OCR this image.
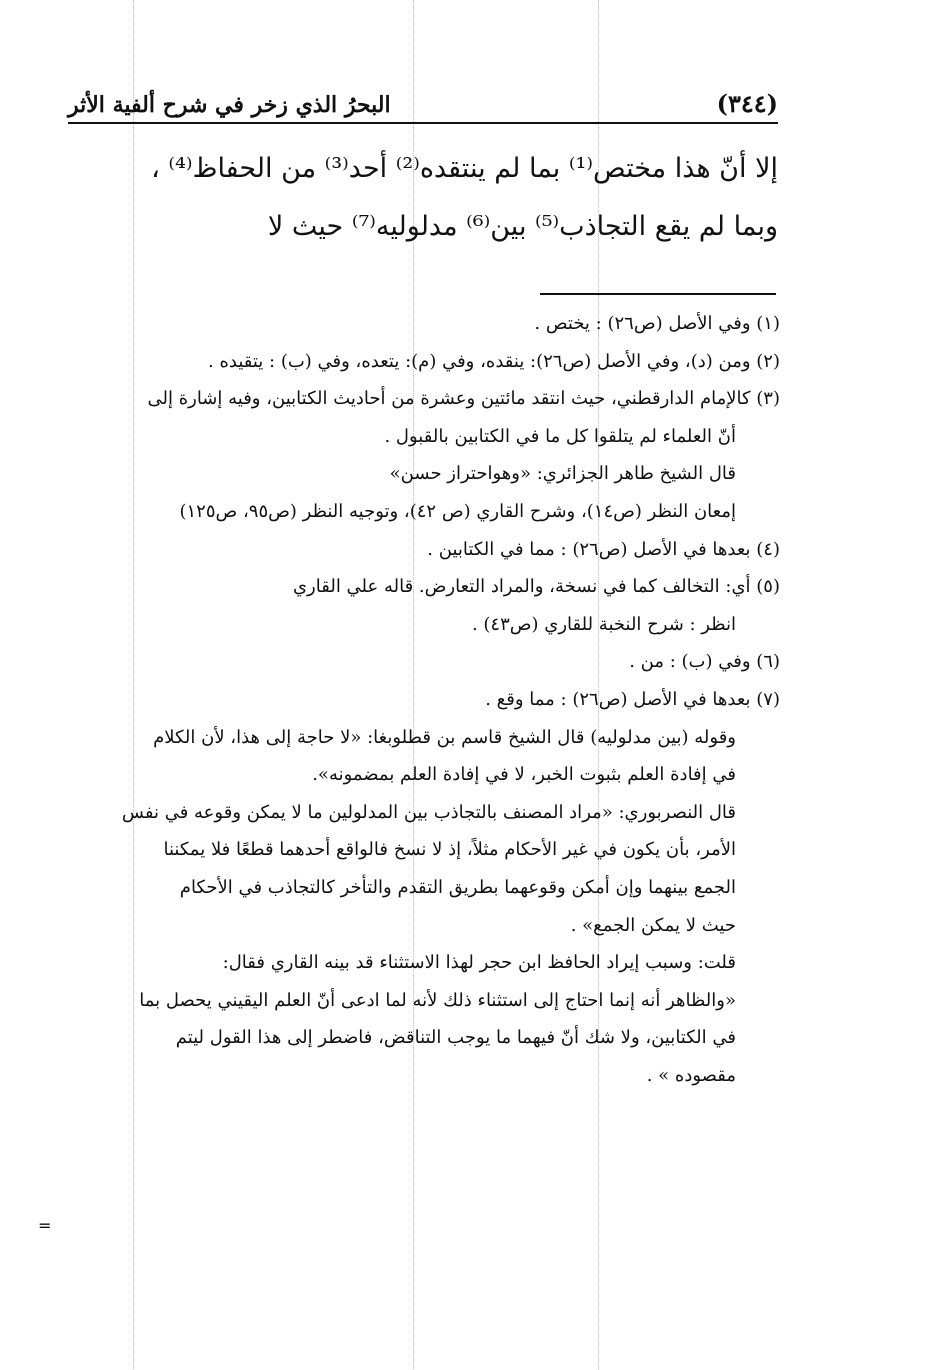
(٣٤٤)
البحرُ الذي زخر في شرح ألفية الأثر
إلا أنّ هذا مختص⁽¹⁾ بما لم ينتقده⁽²⁾ أحد⁽³⁾ من الحفاظ⁽⁴⁾ ،
وبما لم يقع التجاذب⁽⁵⁾ بين⁽⁶⁾ مدلوليه⁽⁷⁾ حيث لا
(١) وفي الأصل (ص٢٦) : يختص .
(٢) ومن (د)، وفي الأصل (ص٢٦): ينقده، وفي (م): يتعده، وفي (ب) : يتقيده .
(٣) كالإمام الدارقطني، حيث انتقد مائتين وعشرة من أحاديث الكتابين، وفيه إشارة إلى
أنّ العلماء لم يتلقوا كل ما في الكتابين بالقبول .
قال الشيخ طاهر الجزائري: «وهواحتراز حسن»
إمعان النظر (ص١٤)، وشرح القاري (ص ٤٢)، وتوجيه النظر (ص٩٥، ص١٢٥)
(٤) بعدها في الأصل (ص٢٦) : مما في الكتابين .
(٥) أي: التخالف كما في نسخة، والمراد التعارض. قاله علي القاري
انظر : شرح النخبة للقاري (ص٤٣) .
(٦) وفي (ب) : من .
(٧) بعدها في الأصل (ص٢٦) : مما وقع .
وقوله (بين مدلوليه) قال الشيخ قاسم بن قطلوبغا: «لا حاجة إلى هذا، لأن الكلام
في إفادة العلم بثبوت الخبر، لا في إفادة العلم بمضمونه».
قال النصربوري: «مراد المصنف بالتجاذب بين المدلولين ما لا يمكن وقوعه في نفس
الأمر، بأن يكون في غير الأحكام مثلاً، إذ لا نسخ فالواقع أحدهما قطعًا فلا يمكننا
الجمع بينهما وإن أمكن وقوعهما بطريق التقدم والتأخر كالتجاذب في الأحكام
حيث لا يمكن الجمع» .
قلت: وسبب إيراد الحافظ ابن حجر لهذا الاستثناء قد بينه القاري فقال:
«والظاهر أنه إنما احتاج إلى استثناء ذلك لأنه لما ادعى أنّ العلم اليقيني يحصل بما
في الكتابين، ولا شك أنّ فيهما ما يوجب التناقض، فاضطر إلى هذا القول ليتم
مقصوده » .
=
